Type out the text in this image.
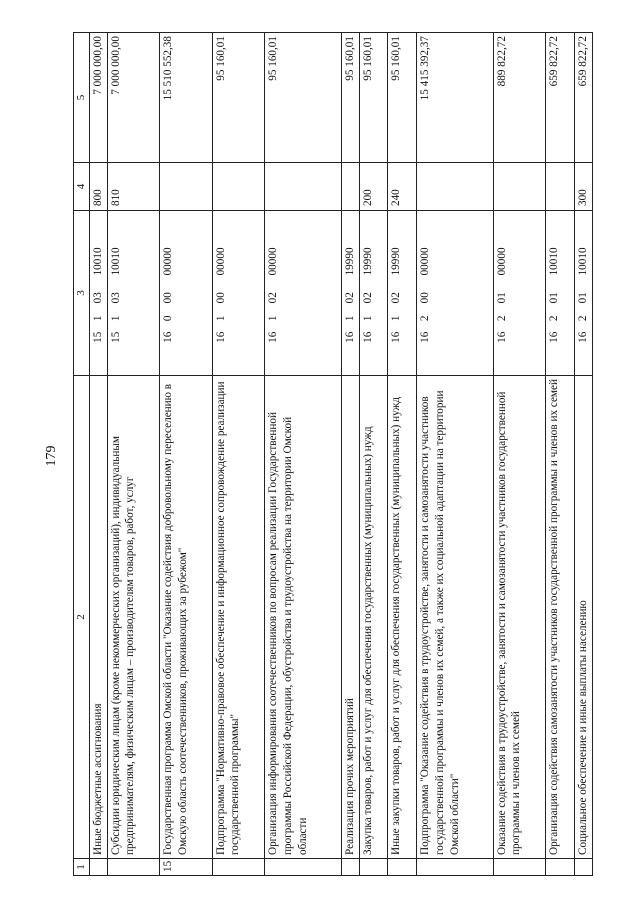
179
1	2	3	4	5
	Иные бюджетные ассигнования	1510310010	800	7 000 000,00
	Субсидии юридическим лицам (кроме некоммерческих организаций), индивидуальным предпринимателям, физическим лицам – производителям товаров, работ, услуг	1510310010	810	7 000 000,00
15	Государственная программа Омской области "Оказание содействия добровольному переселению в Омскую область соотечественников, проживающих за рубежом"	1600000000		15 510 552,38
	Подпрограмма "Нормативно-правовое обеспечение и информационное сопровождение реализации государственной программы"	1610000000		95 160,01
	Организация информирования соотечественников по вопросам реализации Государственной программы Российской Федерации, обустройства и трудоустройства на территории Омской области	1610200000		95 160,01
	Реализация прочих мероприятий	1610219990		95 160,01
	Закупка товаров, работ и услуг для обеспечения государственных (муниципальных) нужд	1610219990	200	95 160,01
	Иные закупки товаров, работ и услуг для обеспечения государственных (муниципальных) нужд	1610219990	240	95 160,01
	Подпрограмма "Оказание содействия в трудоустройстве, занятости и самозанятости участников государственной программы и членов их семей, а также их социальной адаптации на территории Омской области"	1620000000		15 415 392,37
	Оказание содействия в трудоустройстве, занятости и самозанятости участников государственной программы и членов их семей	1620100000		889 822,72
	Организация содействия самозанятости участников государственной программы и членов их семей	1620110010		659 822,72
	Социальное обеспечение и иные выплаты населению	1620110010	300	659 822,72
